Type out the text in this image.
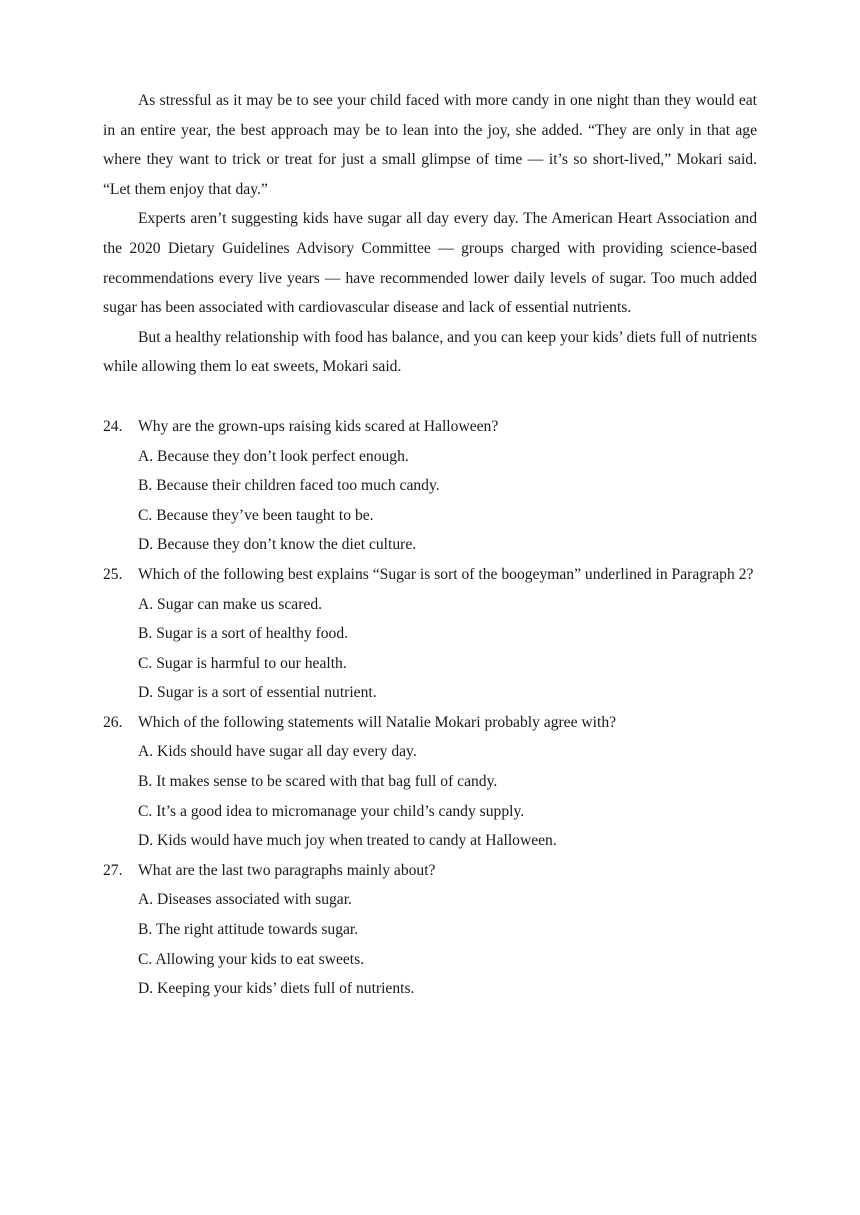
As stressful as it may be to see your child faced with more candy in one night than they would eat in an entire year, the best approach may be to lean into the joy, she added. “They are only in that age where they want to trick or treat for just a small glimpse of time — it’s so short-lived,” Mokari said. “Let them enjoy that day.”

Experts aren’t suggesting kids have sugar all day every day. The American Heart Association and the 2020 Dietary Guidelines Advisory Committee — groups charged with providing science-based recommendations every live years — have recommended lower daily levels of sugar. Too much added sugar has been associated with cardiovascular disease and lack of essential nutrients.

But a healthy relationship with food has balance, and you can keep your kids’ diets full of nutrients while allowing them lo eat sweets, Mokari said.

24. Why are the grown-ups raising kids scared at Halloween?

A. Because they don’t look perfect enough.

B. Because their children faced too much candy.

C. Because they’ve been taught to be.

D. Because they don’t know the diet culture.

25. Which of the following best explains “Sugar is sort of the boogeyman” underlined in Paragraph 2?

A. Sugar can make us scared.

B. Sugar is a sort of healthy food.

C. Sugar is harmful to our health.

D. Sugar is a sort of essential nutrient.

26. Which of the following statements will Natalie Mokari probably agree with?

A. Kids should have sugar all day every day.

B. It makes sense to be scared with that bag full of candy.

C. It’s a good idea to micromanage your child’s candy supply.

D. Kids would have much joy when treated to candy at Halloween.

27. What are the last two paragraphs mainly about?

A. Diseases associated with sugar.

B. The right attitude towards sugar.

C. Allowing your kids to eat sweets.

D. Keeping your kids’ diets full of nutrients.
